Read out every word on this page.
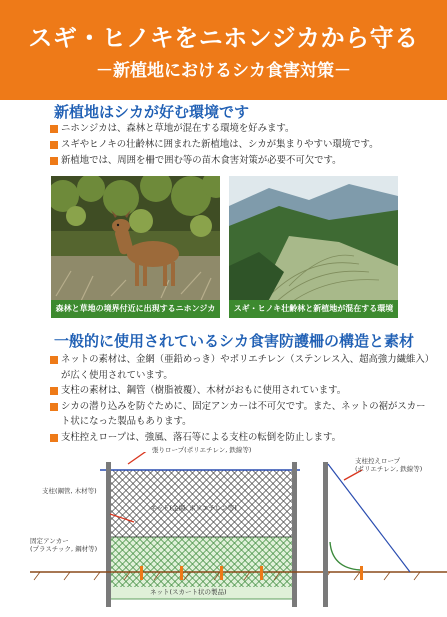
スギ・ヒノキをニホンジカから守る
－新植地におけるシカ食害対策－
新植地はシカが好む環境です
ニホンジカは、森林と草地が混在する環境を好みます。
スギやヒノキの壮齢林に囲まれた新植地は、シカが集まりやすい環境です。
新植地では、周囲を柵で囲む等の苗木食害対策が必要不可欠です。
森林と草地の境界付近に出現するニホンジカ	スギ・ヒノキ壮齢林と新植地が混在する環境
一般的に使用されているシカ食害防護柵の構造と素材
ネットの素材は、金網（亜鉛めっき）やポリエチレン（ステンレス入、超高強力繊維入）が広く使用されています。
支柱の素材は、鋼管（樹脂被覆）、木材がおもに使用されています。
シカの潜り込みを防ぐために、固定アンカーは不可欠です。また、ネットの裾がスカート状になった製品もあります。
支柱控えロープは、強風、落石等による支柱の転倒を防止します。
張りロープ(ポリエチレン, 鉄線等)
支柱(鋼管, 木材等)
ネット(金網, ポリエチレン等)
固定アンカー
(プラスチック, 鋼材等)
ネット(スカート状の製品)
支柱控えロープ
(ポリエチレン, 鉄線等)
